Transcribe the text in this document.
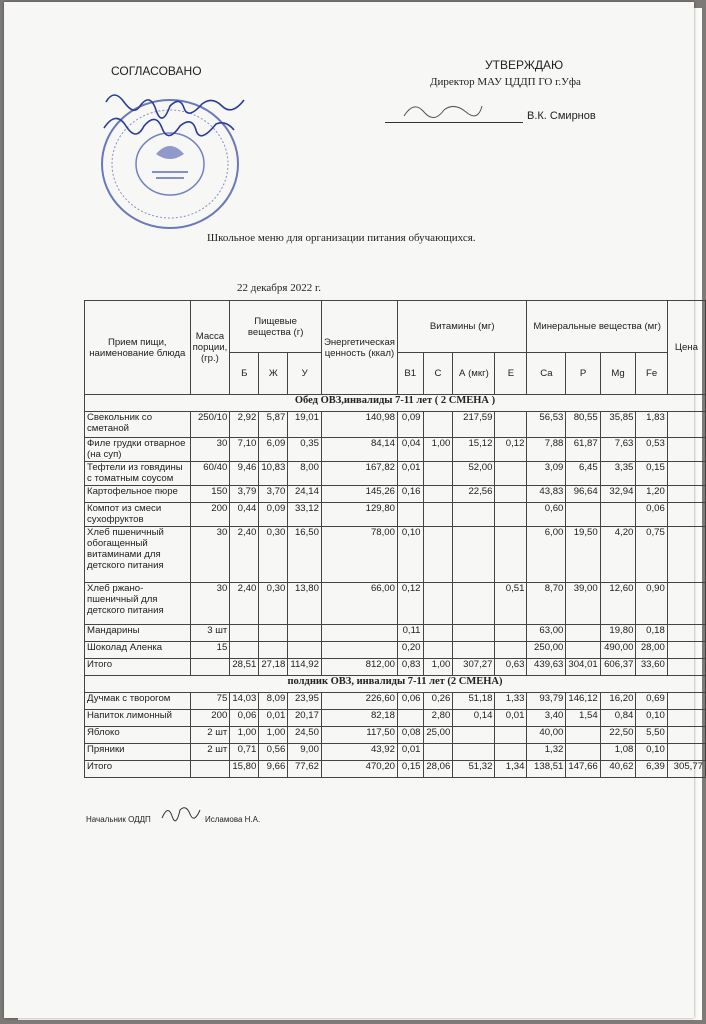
СОГЛАСОВАНО	УТВЕРЖДАЮ
Директор МАУ ЦДДП ГО г.Уфа
В.К. Смирнов
Школьное меню для организации питания обучающихся.
22 декабря 2022 г.
Прием пищи, наименование блюда	Масса порции, (гр.)	Пищевые вещества (г)			Энергетическая ценность (ккал)	Витамины (мг)				Минеральные вещества (мг)				Цена
		Б	Ж	У		B1	C	А (мкг)	E	Ca	P	Mg	Fe	
Обед ОВЗ,инвалиды 7-11 лет ( 2 СМЕНА )														
Свекольник со сметаной	250/10	2,92	5,87	19,01	140,98	0,09		217,59		56,53	80,55	35,85	1,83	
Филе грудки отварное (на суп)	30	7,10	6,09	0,35	84,14	0,04	1,00	15,12	0,12	7,88	61,87	7,63	0,53	
Тефтели из говядины с томатным соусом	60/40	9,46	10,83	8,00	167,82	0,01		52,00		3,09	6,45	3,35	0,15	
Картофельное пюре	150	3,79	3,70	24,14	145,26	0,16		22,56		43,83	96,64	32,94	1,20	
Компот из смеси сухофруктов	200	0,44	0,09	33,12	129,80					0,60			0,06	
Хлеб пшеничный обогащенный витаминами для детского питания	30	2,40	0,30	16,50	78,00	0,10				6,00	19,50	4,20	0,75	
Хлеб ржано-пшеничный для детского питания	30	2,40	0,30	13,80	66,00	0,12			0,51	8,70	39,00	12,60	0,90	
Мандарины	3 шт					0,11				63,00		19,80	0,18	
Шоколад Аленка	15					0,20				250,00		490,00	28,00	
Итого		28,51	27,18	114,92	812,00	0,83	1,00	307,27	0,63	439,63	304,01	606,37	33,60	
полдник ОВЗ, инвалиды 7-11 лет (2 СМЕНА)														
Дучмак с творогом	75	14,03	8,09	23,95	226,60	0,06	0,26	51,18	1,33	93,79	146,12	16,20	0,69	
Напиток лимонный	200	0,06	0,01	20,17	82,18		2,80	0,14	0,01	3,40	1,54	0,84	0,10	
Яблоко	2 шт	1,00	1,00	24,50	117,50	0,08	25,00			40,00		22,50	5,50	
Пряники	2 шт	0,71	0,56	9,00	43,92	0,01				1,32		1,08	0,10	
Итого		15,80	9,66	77,62	470,20	0,15	28,06	51,32	1,34	138,51	147,66	40,62	6,39	305,77
Начальник ОДДП	Исламова Н.А.
